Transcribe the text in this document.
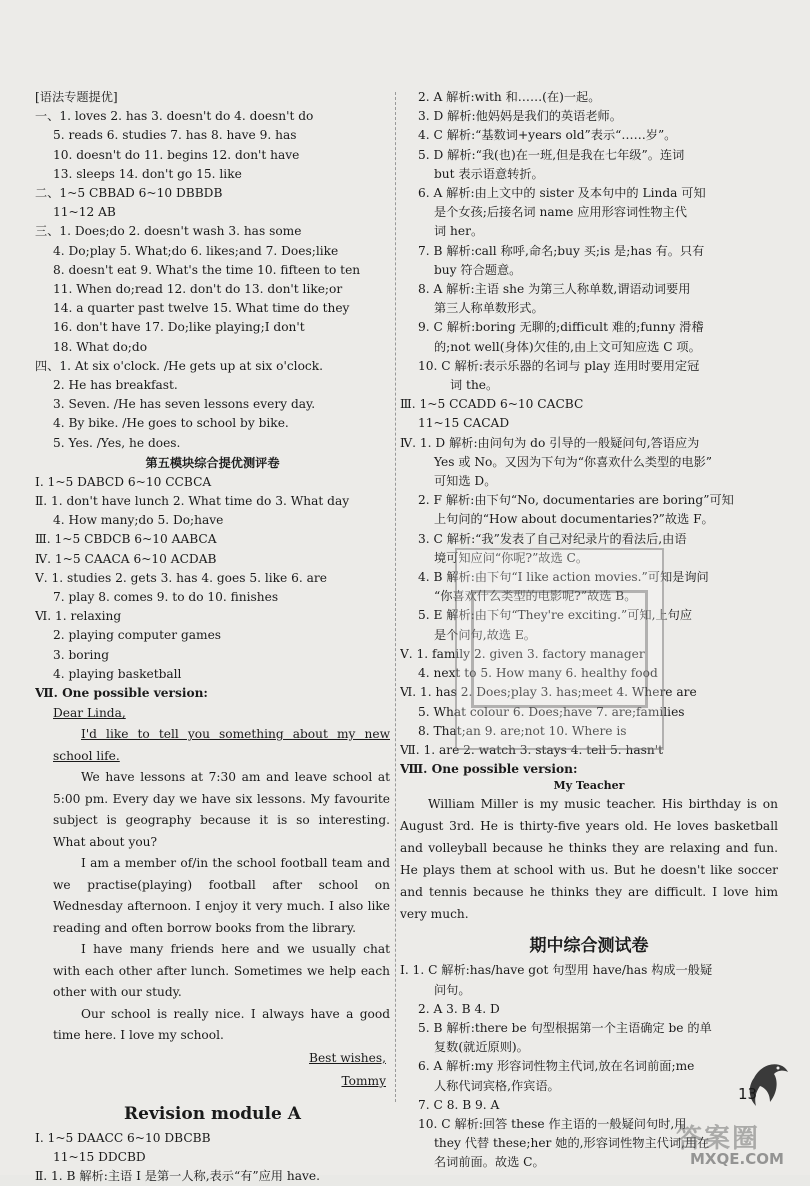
[语法专题提优]
一、1. loves 2. has 3. doesn't do 4. doesn't do
5. reads 6. studies 7. has 8. have 9. has
10. doesn't do 11. begins 12. don't have
13. sleeps 14. don't go 15. like
二、1~5 CBBAD 6~10 DBBDB
11~12 AB
三、1. Does;do 2. doesn't wash 3. has some
4. Do;play 5. What;do 6. likes;and 7. Does;like
8. doesn't eat 9. What's the time 10. fifteen to ten
11. When do;read 12. don't do 13. don't like;or
14. a quarter past twelve 15. What time do they
16. don't have 17. Do;like playing;I don't
18. What do;do
四、1. At six o'clock. /He gets up at six o'clock.
2. He has breakfast.
3. Seven. /He has seven lessons every day.
4. By bike. /He goes to school by bike.
5. Yes. /Yes, he does.
第五模块综合提优测评卷
Ⅰ. 1~5 DABCD 6~10 CCBCA
Ⅱ. 1. don't have lunch 2. What time do 3. What day
4. How many;do 5. Do;have
Ⅲ. 1~5 CBDCB 6~10 AABCA
Ⅳ. 1~5 CAACA 6~10 ACDAB
Ⅴ. 1. studies 2. gets 3. has 4. goes 5. like 6. are
7. play 8. comes 9. to do 10. finishes
Ⅵ. 1. relaxing
2. playing computer games
3. boring
4. playing basketball
Ⅶ. One possible version:
Dear Linda,
I'd like to tell you something about my new school life.
We have lessons at 7:30 am and leave school at 5:00 pm. Every day we have six lessons. My favourite subject is geography because it is so interesting. What about you?
I am a member of/in the school football team and we practise(playing) football after school on Wednesday afternoon. I enjoy it very much. I also like reading and often borrow books from the library.
I have many friends here and we usually chat with each other after lunch. Sometimes we help each other with our study.
Our school is really nice. I always have a good time here. I love my school.
Best wishes,
Tommy
Revision module A
Ⅰ. 1~5 DAACC 6~10 DBCBB
11~15 DDCBD
Ⅱ. 1. B 解析:主语 I 是第一人称,表示“有”应用 have.
2. A 解析:with 和……(在)一起。
3. D 解析:他妈妈是我们的英语老师。
4. C 解析:“基数词+years old”表示“……岁”。
5. D 解析:“我(也)在一班,但是我在七年级”。连词
but 表示语意转折。
6. A 解析:由上文中的 sister 及本句中的 Linda 可知
是个女孩;后接名词 name 应用形容词性物主代
词 her。
7. B 解析:call 称呼,命名;buy 买;is 是;has 有。只有
buy 符合题意。
8. A 解析:主语 she 为第三人称单数,谓语动词要用
第三人称单数形式。
9. C 解析:boring 无聊的;difficult 难的;funny 滑稽
的;not well(身体)欠佳的,由上文可知应选 C 项。
10. C 解析:表示乐器的名词与 play 连用时要用定冠
词 the。
Ⅲ. 1~5 CCADD 6~10 CACBC
11~15 CACAD
Ⅳ. 1. D 解析:由问句为 do 引导的一般疑问句,答语应为
Yes 或 No。又因为下句为“你喜欢什么类型的电影”
可知选 D。
2. F 解析:由下句“No, documentaries are boring”可知
上句问的“How about documentaries?”故选 F。
3. C 解析:“我”发表了自己对纪录片的看法后,由语
境可知应问“你呢?”故选 C。
4. B 解析:由下句“I like action movies.”可知是询问
“你喜欢什么类型的电影呢?”故选 B。
5. E 解析:由下句“They're exciting.”可知,上句应
是个问句,故选 E。
Ⅴ. 1. family 2. given 3. factory manager
4. next to 5. How many 6. healthy food
Ⅵ. 1. has 2. Does;play 3. has;meet 4. Where are
5. What colour 6. Does;have 7. are;families
8. That;an 9. are;not 10. Where is
Ⅶ. 1. are 2. watch 3. stays 4. tell 5. hasn't
Ⅷ. One possible version:
My Teacher
William Miller is my music teacher. His birthday is on August 3rd. He is thirty-five years old. He loves basketball and volleyball because he thinks they are relaxing and fun. He plays them at school with us. But he doesn't like soccer and tennis because he thinks they are difficult. I love him very much.
期中综合测试卷
Ⅰ. 1. C 解析:has/have got 句型用 have/has 构成一般疑
问句。
2. A 3. B 4. D
5. B 解析:there be 句型根据第一个主语确定 be 的单
复数(就近原则)。
6. A 解析:my 形容词性物主代词,放在名词前面;me
人称代词宾格,作宾语。
7. C 8. B 9. A
10. C 解析:回答 these 作主语的一般疑问句时,用
they 代替 these;her 她的,形容词性物主代词,用在
名词前面。故选 C。
13
答案圈
MXQE.COM
